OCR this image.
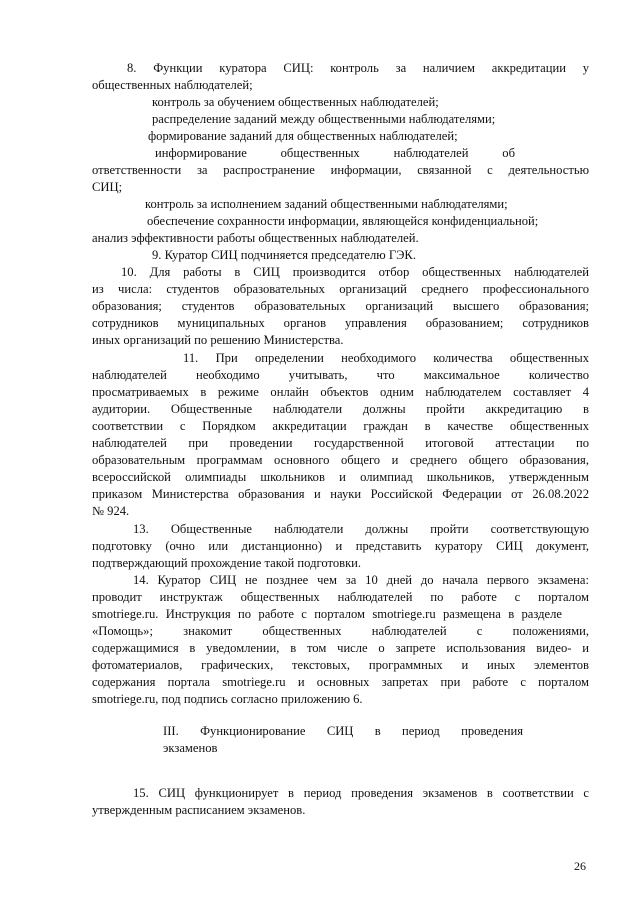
8. Функции куратора СИЦ: контроль за наличием аккредитации у
общественных наблюдателей;
контроль за обучением общественных наблюдателей;
распределение заданий между общественными наблюдателями;
формирование заданий для общественных наблюдателей;
информирование общественных наблюдателей об
ответственности за распространение информации, связанной с деятельностью
СИЦ;
контроль за исполнением заданий общественными наблюдателями;
обеспечение сохранности информации, являющейся конфиденциальной;
анализ эффективности работы общественных наблюдателей.
9. Куратор СИЦ подчиняется председателю ГЭК.
10. Для работы в СИЦ производится отбор общественных наблюдателей
из числа: студентов образовательных организаций среднего профессионального
образования; студентов образовательных организаций высшего образования;
сотрудников муниципальных органов управления образованием; сотрудников
иных организаций по решению Министерства.
11. При определении необходимого количества общественных
наблюдателей необходимо учитывать, что максимальное количество
просматриваемых в режиме онлайн объектов одним наблюдателем составляет 4
аудитории. Общественные наблюдатели должны пройти аккредитацию в
соответствии с Порядком аккредитации граждан в качестве общественных
наблюдателей при проведении государственной итоговой аттестации по
образовательным программам основного общего и среднего общего образования,
всероссийской олимпиады школьников и олимпиад школьников, утвержденным
приказом Министерства образования и науки Российской Федерации от 26.08.2022
№ 924.
13. Общественные наблюдатели должны пройти соответствующую
подготовку (очно или дистанционно) и представить куратору СИЦ документ,
подтверждающий прохождение такой подготовки.
14. Куратор СИЦ не позднее чем за 10 дней до начала первого экзамена:
проводит инструктаж общественных наблюдателей по работе с порталом
smotriege.ru. Инструкция по работе с порталом smotriege.ru размещена в разделе
«Помощь»; знакомит общественных наблюдателей с положениями,
содержащимися в уведомлении, в том числе о запрете использования видео- и
фотоматериалов, графических, текстовых, программных и иных элементов
содержания портала smotriege.ru и основных запретах при работе с порталом
smotriege.ru, под подпись согласно приложению 6.
III. Функционирование СИЦ в период проведения
экзаменов
15. СИЦ функционирует в период проведения экзаменов в соответствии с
утвержденным расписанием экзаменов.
26
